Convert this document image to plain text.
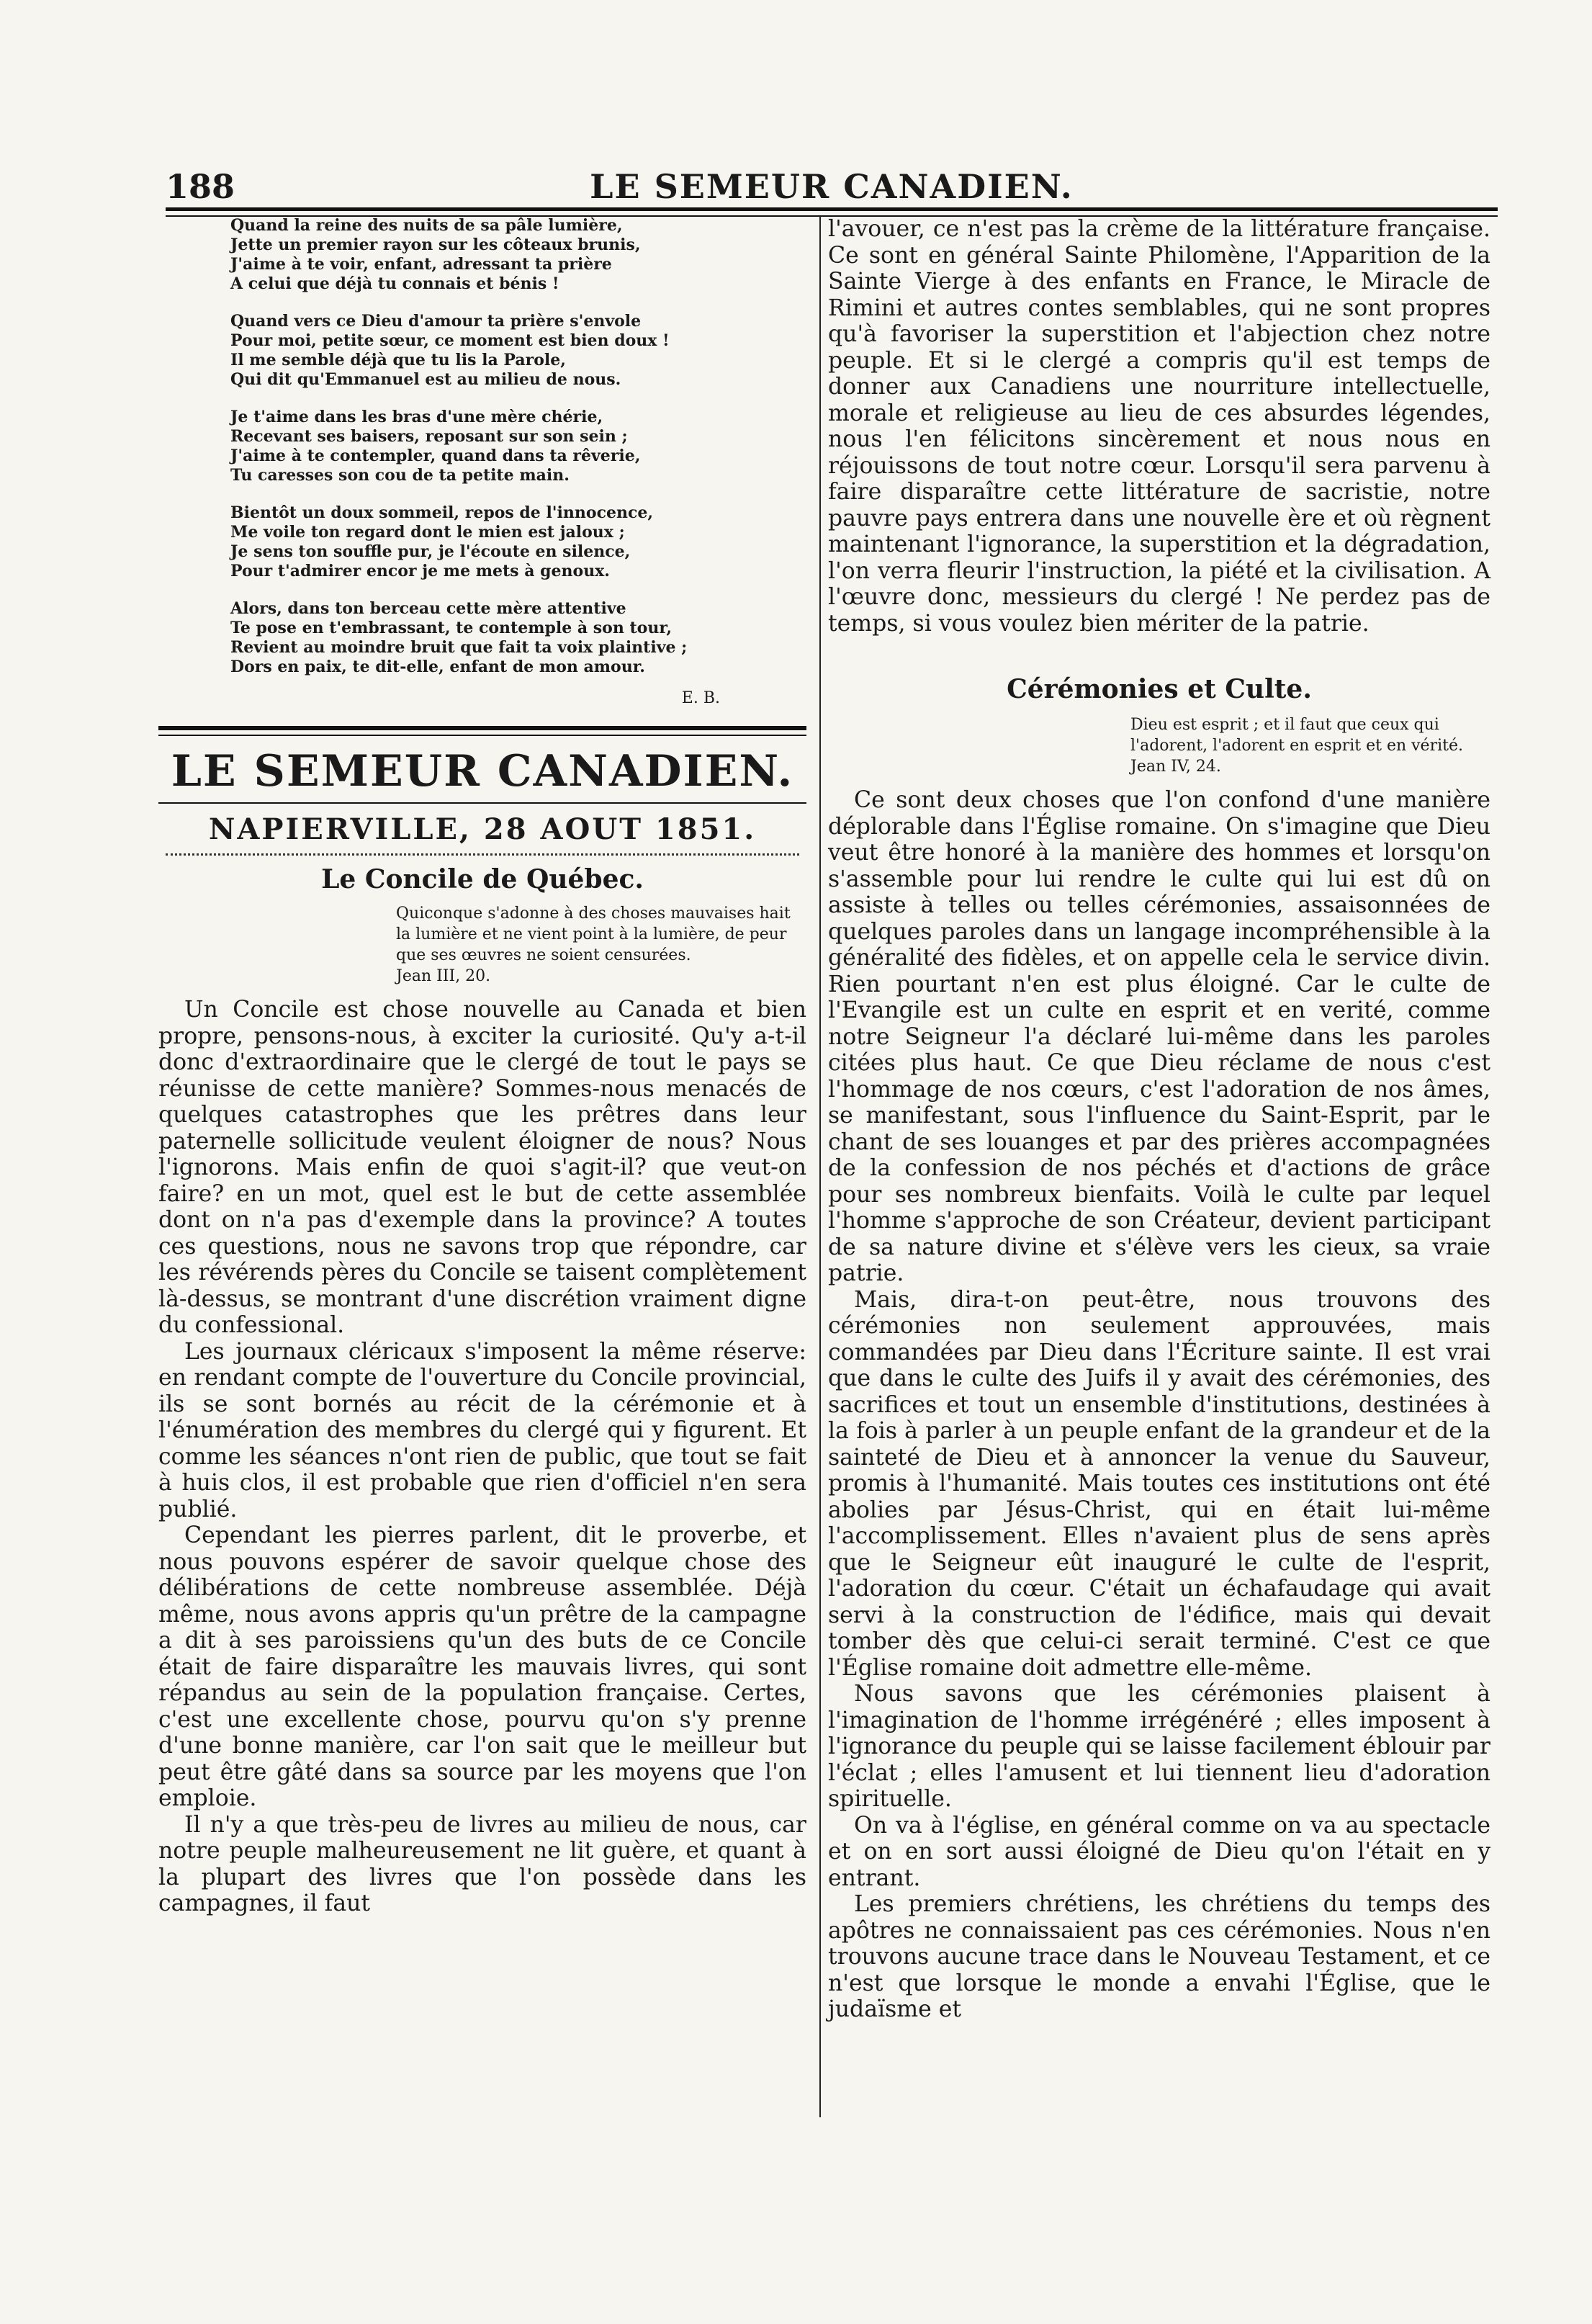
188	LE SEMEUR CANADIEN.
Quand la reine des nuits de sa pâle lumière,
Jette un premier rayon sur les côteaux brunis,
J'aime à te voir, enfant, adressant ta prière
A celui que déjà tu connais et bénis !
Quand vers ce Dieu d'amour ta prière s'envole
Pour moi, petite sœur, ce moment est bien doux !
Il me semble déjà que tu lis la Parole,
Qui dit qu'Emmanuel est au milieu de nous.
Je t'aime dans les bras d'une mère chérie,
Recevant ses baisers, reposant sur son sein ;
J'aime à te contempler, quand dans ta rêverie,
Tu caresses son cou de ta petite main.
Bientôt un doux sommeil, repos de l'innocence,
Me voile ton regard dont le mien est jaloux ;
Je sens ton souffle pur, je l'écoute en silence,
Pour t'admirer encor je me mets à genoux.
Alors, dans ton berceau cette mère attentive
Te pose en t'embrassant, te contemple à son tour,
Revient au moindre bruit que fait ta voix plaintive ;
Dors en paix, te dit-elle, enfant de mon amour.
E. B.
LE SEMEUR CANADIEN.
NAPIERVILLE, 28 AOUT 1851.
Le Concile de Québec.
Quiconque s'adonne à des choses mauvaises hait la lumière et ne vient point à la lumière, de peur que ses œuvres ne soient censurées.
Jean III, 20.

Un Concile est chose nouvelle au Canada et bien propre, pensons-nous, à exciter la curiosité. Qu'y a-t-il donc d'extraordinaire que le clergé de tout le pays se réunisse de cette manière? Sommes-nous menacés de quelques catastrophes que les prêtres dans leur paternelle sollicitude veulent éloigner de nous? Nous l'ignorons. Mais enfin de quoi s'agit-il? que veut-on faire? en un mot, quel est le but de cette assemblée dont on n'a pas d'exemple dans la province? A toutes ces questions, nous ne savons trop que répondre, car les révérends pères du Concile se taisent complètement là-dessus, se montrant d'une discrétion vraiment digne du confessional.

Les journaux cléricaux s'imposent la même réserve: en rendant compte de l'ouverture du Concile provincial, ils se sont bornés au récit de la cérémonie et à l'énumération des membres du clergé qui y figurent. Et comme les séances n'ont rien de public, que tout se fait à huis clos, il est probable que rien d'officiel n'en sera publié.

Cependant les pierres parlent, dit le proverbe, et nous pouvons espérer de savoir quelque chose des délibérations de cette nombreuse assemblée. Déjà même, nous avons appris qu'un prêtre de la campagne a dit à ses paroissiens qu'un des buts de ce Concile était de faire disparaître les mauvais livres, qui sont répandus au sein de la population française. Certes, c'est une excellente chose, pourvu qu'on s'y prenne d'une bonne manière, car l'on sait que le meilleur but peut être gâté dans sa source par les moyens que l'on emploie.

Il n'y a que très-peu de livres au milieu de nous, car notre peuple malheureusement ne lit guère, et quant à la plupart des livres que l'on possède dans les campagnes, il faut

l'avouer, ce n'est pas la crème de la littérature française. Ce sont en général Sainte Philomène, l'Apparition de la Sainte Vierge à des enfants en France, le Miracle de Rimini et autres contes semblables, qui ne sont propres qu'à favoriser la superstition et l'abjection chez notre peuple. Et si le clergé a compris qu'il est temps de donner aux Canadiens une nourriture intellectuelle, morale et religieuse au lieu de ces absurdes légendes, nous l'en félicitons sincèrement et nous nous en réjouissons de tout notre cœur. Lorsqu'il sera parvenu à faire disparaître cette littérature de sacristie, notre pauvre pays entrera dans une nouvelle ère et où règnent maintenant l'ignorance, la superstition et la dégradation, l'on verra fleurir l'instruction, la piété et la civilisation. A l'œuvre donc, messieurs du clergé ! Ne perdez pas de temps, si vous voulez bien mériter de la patrie.

Cérémonies et Culte.
Dieu est esprit ; et il faut que ceux qui l'adorent, l'adorent en esprit et en vérité.
Jean IV, 24.

Ce sont deux choses que l'on confond d'une manière déplorable dans l'Église romaine. On s'imagine que Dieu veut être honoré à la manière des hommes et lorsqu'on s'assemble pour lui rendre le culte qui lui est dû on assiste à telles ou telles cérémonies, assaisonnées de quelques paroles dans un langage incompréhensible à la généralité des fidèles, et on appelle cela le service divin. Rien pourtant n'en est plus éloigné. Car le culte de l'Evangile est un culte en esprit et en verité, comme notre Seigneur l'a déclaré lui-même dans les paroles citées plus haut. Ce que Dieu réclame de nous c'est l'hommage de nos cœurs, c'est l'adoration de nos âmes, se manifestant, sous l'influence du Saint-Esprit, par le chant de ses louanges et par des prières accompagnées de la confession de nos péchés et d'actions de grâce pour ses nombreux bienfaits. Voilà le culte par lequel l'homme s'approche de son Créateur, devient participant de sa nature divine et s'élève vers les cieux, sa vraie patrie.

Mais, dira-t-on peut-être, nous trouvons des cérémonies non seulement approuvées, mais commandées par Dieu dans l'Écriture sainte. Il est vrai que dans le culte des Juifs il y avait des cérémonies, des sacrifices et tout un ensemble d'institutions, destinées à la fois à parler à un peuple enfant de la grandeur et de la sainteté de Dieu et à annoncer la venue du Sauveur, promis à l'humanité. Mais toutes ces institutions ont été abolies par Jésus-Christ, qui en était lui-même l'accomplissement. Elles n'avaient plus de sens après que le Seigneur eût inauguré le culte de l'esprit, l'adoration du cœur. C'était un échafaudage qui avait servi à la construction de l'édifice, mais qui devait tomber dès que celui-ci serait terminé. C'est ce que l'Église romaine doit admettre elle-même.

Nous savons que les cérémonies plaisent à l'imagination de l'homme irrégénéré ; elles imposent à l'ignorance du peuple qui se laisse facilement éblouir par l'éclat ; elles l'amusent et lui tiennent lieu d'adoration spirituelle.

On va à l'église, en général comme on va au spectacle et on en sort aussi éloigné de Dieu qu'on l'était en y entrant.

Les premiers chrétiens, les chrétiens du temps des apôtres ne connaissaient pas ces cérémonies. Nous n'en trouvons aucune trace dans le Nouveau Testament, et ce n'est que lorsque le monde a envahi l'Église, que le judaïsme et
